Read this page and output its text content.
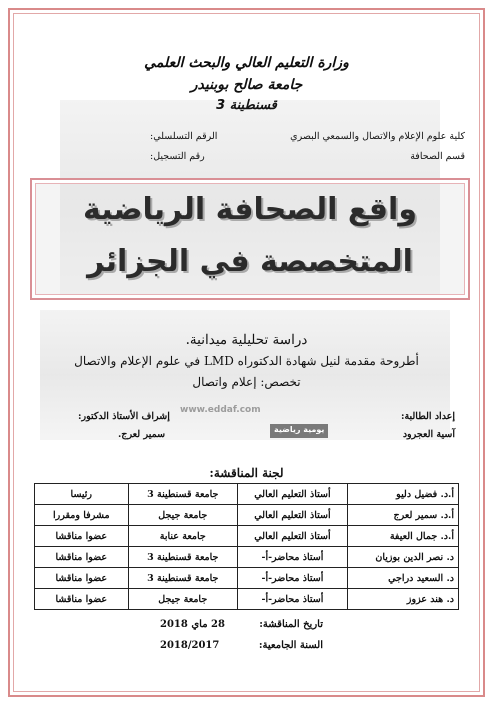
www.eddaf.com
يومية رياضية
وزارة التعليم العالي والبحث العلمي
جامعة صالح بوبنيدر
قسنطينة 3
كلية علوم الإعلام والاتصال والسمعي البصري
الرقم التسلسلي:
قسم الصحافة
رقم التسجيل:
واقع الصحافة الرياضية
المتخصصة في الجزائر
دراسة تحليلية ميدانية.
أطروحة مقدمة لنيل شهادة الدكتوراه LMD في علوم الإعلام والاتصال
تخصص: إعلام واتصال
إعداد الطالبة:
آسية العجرود
إشراف الأستاذ الدكتور:
سمير لعرج.
لجنة المناقشة:
أ.د. فضيل دليو	أستاذ التعليم العالي	جامعة قسنطينة 3	رئيسا
أ.د. سمير لعرج	أستاذ التعليم العالي	جامعة جيجل	مشرفا ومقررا
أ.د. جمال العيفة	أستاذ التعليم العالي	جامعة عنابة	عضوا مناقشا
د. نصر الدين بوزيان	أستاذ محاضر-أ-	جامعة قسنطينة 3	عضوا مناقشا
د. السعيد دراجي	أستاذ محاضر-أ-	جامعة قسنطينة 3	عضوا مناقشا
د. هند عزوز	أستاذ محاضر-أ-	جامعة جيجل	عضوا مناقشا
تاريخ المناقشة:
28 ماي 2018
السنة الجامعية:
2018/2017
